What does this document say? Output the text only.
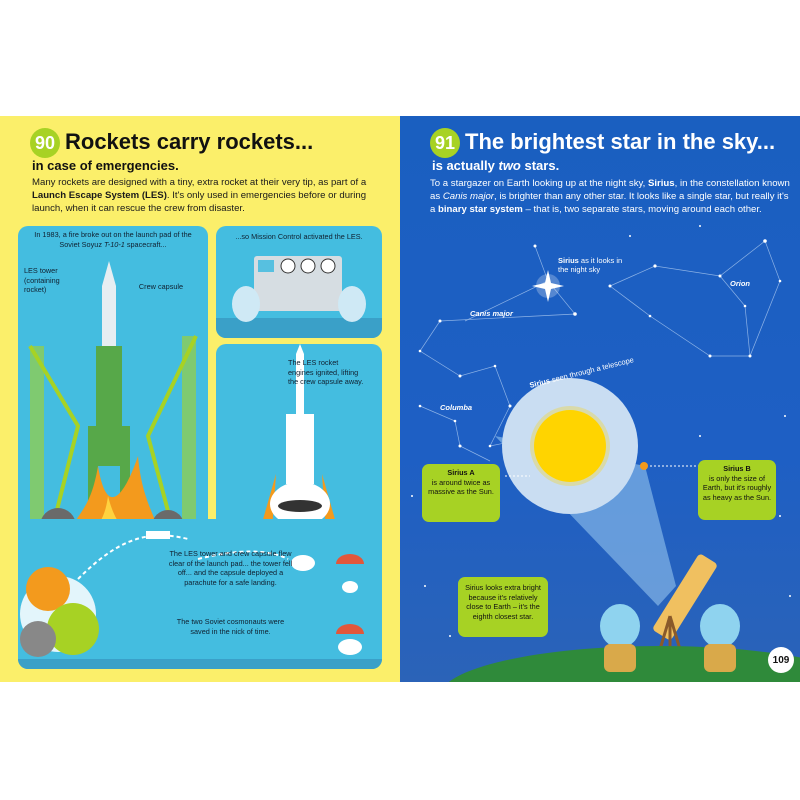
90 Rockets carry rockets...
in case of emergencies.
Many rockets are designed with a tiny, extra rocket at their very tip, as part of a Launch Escape System (LES). It's only used in emergencies before or during launch, when it can rescue the crew from disaster.
In 1983, a fire broke out on the launch pad of the Soviet Soyuz T-10-1 spacecraft...
LES tower (containing rocket)	Crew capsule
...so Mission Control activated the LES.
The LES rocket engines ignited, lifting the crew capsule away.
The LES tower and crew capsule flew clear of the launch pad... the tower fell off... and the capsule deployed a parachute for a safe landing.
The two Soviet cosmonauts were saved in the nick of time.
91 The brightest star in the sky...
is actually two stars.
To a stargazer on Earth looking up at the night sky, Sirius, in the constellation known as Canis major, is brighter than any other star. It looks like a single star, but really it's a binary star system – that is, two separate stars, moving around each other.
Sirius as it looks in the night sky
Orion
Canis major
Columba
Sirius seen through a telescope
Sirius A
is around twice as massive as the Sun.
Sirius B
is only the size of Earth, but it's roughly as heavy as the Sun.
Sirius looks extra bright because it's relatively close to Earth – it's the eighth closest star.
109
